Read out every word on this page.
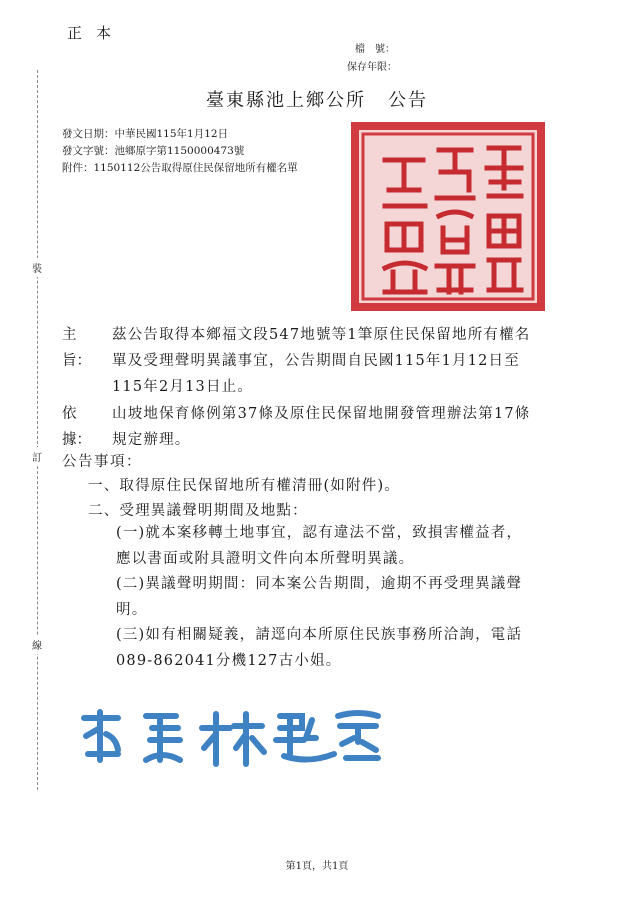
正本
檔　號：
保存年限：
裝
訂
線
臺東縣池上鄉公所 公告
發文日期：中華民國115年1月12日
發文字號：池鄉原字第1150000473號
附件：1150112公告取得原住民保留地所有權名單
主旨：
茲公告取得本鄉福文段547地號等1筆原住民保留地所有權名
單及受理聲明異議事宜，公告期間自民國115年1月12日至
115年2月13日止。
依據：
山坡地保育條例第37條及原住民保留地開發管理辦法第17條
規定辦理。
公告事項：
一、取得原住民保留地所有權清冊(如附件)。
二、受理異議聲明期間及地點：
(一)就本案移轉土地事宜，認有違法不當，致損害權益者，
應以書面或附具證明文件向本所聲明異議。
(二)異議聲明期間：同本案公告期間，逾期不再受理異議聲
明。
(三)如有相關疑義，請逕向本所原住民族事務所洽詢，電話
089-862041分機127古小姐。
第1頁，共1頁
